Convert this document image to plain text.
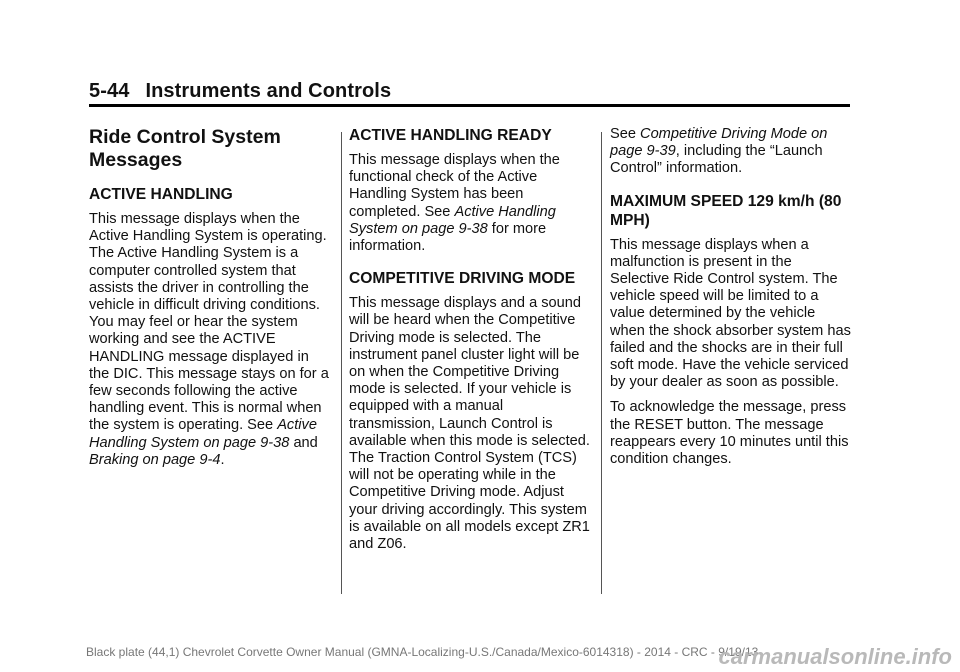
5-44 Instruments and Controls
Ride Control System Messages
ACTIVE HANDLING

This message displays when the Active Handling System is operating. The Active Handling System is a computer controlled system that assists the driver in controlling the vehicle in difficult driving conditions. You may feel or hear the system working and see the ACTIVE HANDLING message displayed in the DIC. This message stays on for a few seconds following the active handling event. This is normal when the system is operating. See Active Handling System on page 9-38 and Braking on page 9-4.

ACTIVE HANDLING READY

This message displays when the functional check of the Active Handling System has been completed. See Active Handling System on page 9-38 for more information.

COMPETITIVE DRIVING MODE

This message displays and a sound will be heard when the Competitive Driving mode is selected. The instrument panel cluster light will be on when the Competitive Driving mode is selected. If your vehicle is equipped with a manual transmission, Launch Control is available when this mode is selected. The Traction Control System (TCS) will not be operating while in the Competitive Driving mode. Adjust your driving accordingly. This system is available on all models except ZR1 and Z06.

See Competitive Driving Mode on page 9-39, including the “Launch Control” information.

MAXIMUM SPEED 129 km/h (80 MPH)

This message displays when a malfunction is present in the Selective Ride Control system. The vehicle speed will be limited to a value determined by the vehicle when the shock absorber system has failed and the shocks are in their full soft mode. Have the vehicle serviced by your dealer as soon as possible.

To acknowledge the message, press the RESET button. The message reappears every 10 minutes until this condition changes.

Black plate (44,1) Chevrolet Corvette Owner Manual (GMNA-Localizing-U.S./Canada/Mexico-6014318) - 2014 - CRC - 9/19/13
carmanualsonline.info
